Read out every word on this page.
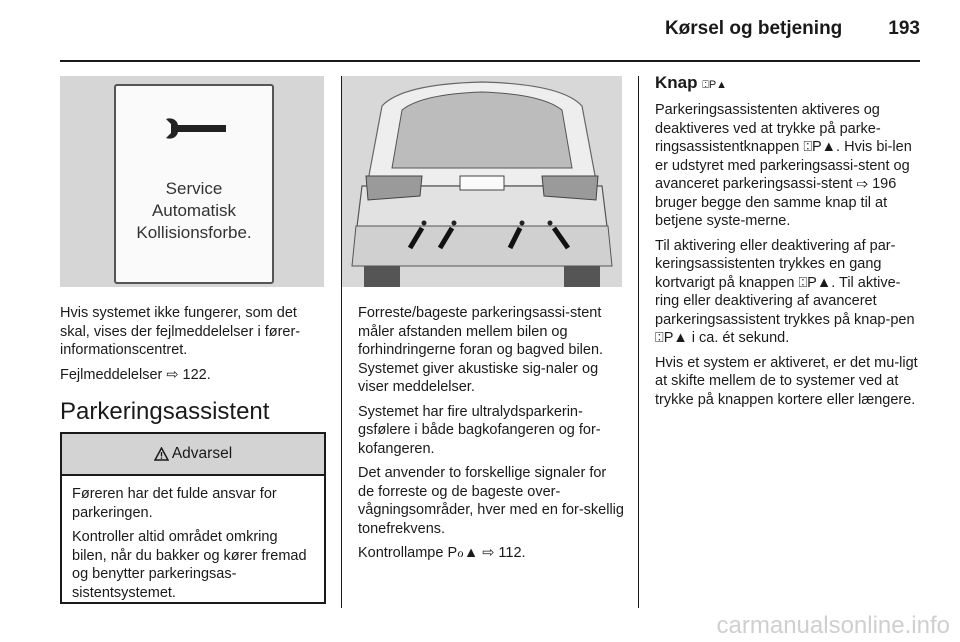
Kørsel og betjening 193
Service
Automatisk
Kollisionsforbe.

Hvis systemet ikke fungerer, som det skal, vises der fejlmeddelelser i fører-informationscentret.

Fejlmeddelelser ⇨ 122.

Parkeringsassistent
Advarsel

Føreren har det fulde ansvar for parkeringen.

Kontroller altid området omkring bilen, når du bakker og kører fremad og benytter parkeringsas-sistentsystemet.

Forreste/bageste parkeringsassi-stent måler afstanden mellem bilen og forhindringerne foran og bagved bilen. Systemet giver akustiske sig-naler og viser meddelelser.

Systemet har fire ultralydsparkerin-gsfølere i både bagkofangeren og for-kofangeren.

Det anvender to forskellige signaler for de forreste og de bageste over-vågningsområder, hver med en for-skellig tonefrekvens.

Kontrollampe Pℴ▲ ⇨ 112.

Knap ⍠P▲

Parkeringsassistenten aktiveres og deaktiveres ved at trykke på parke-ringsassistentknappen ⍠P▲. Hvis bi-len er udstyret med parkeringsassi-stent og avanceret parkeringsassi-stent ⇨ 196 bruger begge den samme knap til at betjene syste-merne.

Til aktivering eller deaktivering af par-keringsassistenten trykkes en gang kortvarigt på knappen ⍠P▲. Til aktive-ring eller deaktivering af avanceret parkeringsassistent trykkes på knap-pen ⍠P▲ i ca. ét sekund.

Hvis et system er aktiveret, er det mu-ligt at skifte mellem de to systemer ved at trykke på knappen kortere eller længere.

carmanualsonline.info
